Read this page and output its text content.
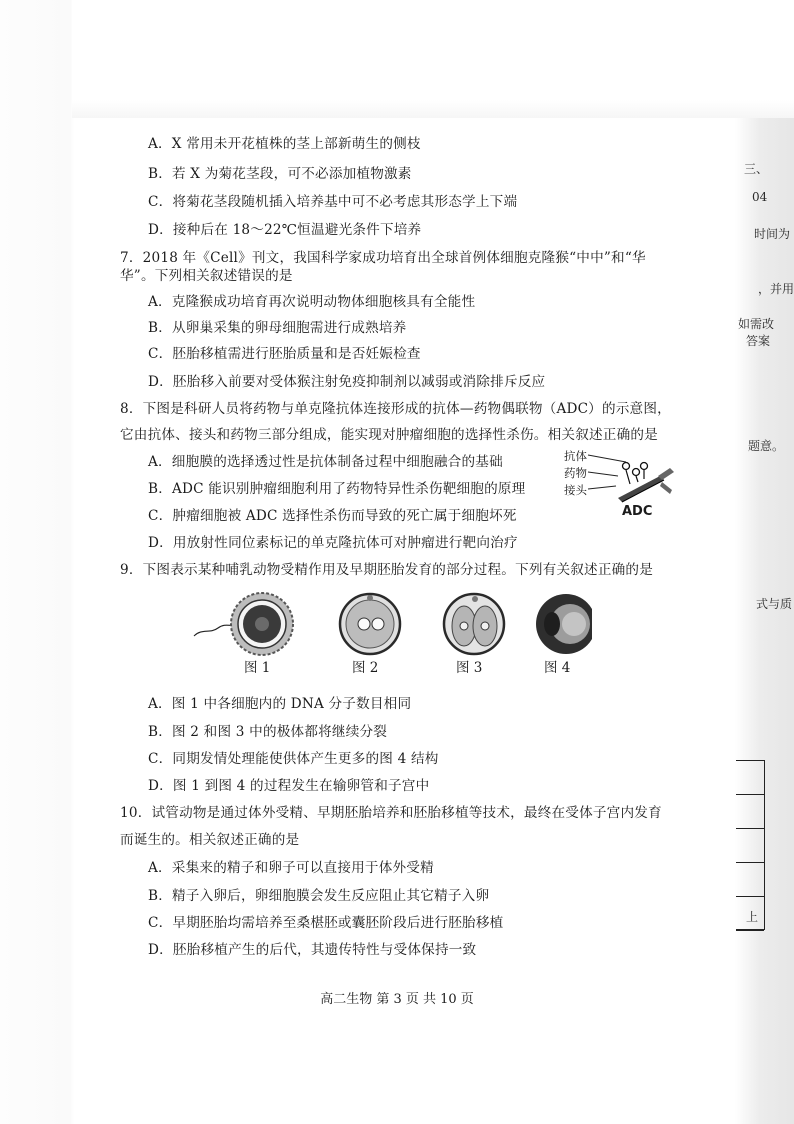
三、
04
时间为
，并用
如需改
答案
题意。
式与质
上
A．X 常用未开花植株的茎上部新萌生的侧枝
B．若 X 为菊花茎段，可不必添加植物激素
C．将菊花茎段随机插入培养基中可不必考虑其形态学上下端
D．接种后在 18～22℃恒温避光条件下培养
7．2018 年《Cell》刊文，我国科学家成功培育出全球首例体细胞克隆猴“中中”和“华
华”。下列相关叙述错误的是
A．克隆猴成功培育再次说明动物体细胞核具有全能性
B．从卵巢采集的卵母细胞需进行成熟培养
C．胚胎移植需进行胚胎质量和是否妊娠检查
D．胚胎移入前要对受体猴注射免疫抑制剂以减弱或消除排斥反应
8．下图是科研人员将药物与单克隆抗体连接形成的抗体—药物偶联物（ADC）的示意图，
它由抗体、接头和药物三部分组成，能实现对肿瘤细胞的选择性杀伤。相关叙述正确的是
A．细胞膜的选择透过性是抗体制备过程中细胞融合的基础
B．ADC 能识别肿瘤细胞利用了药物特异性杀伤靶细胞的原理
C．肿瘤细胞被 ADC 选择性杀伤而导致的死亡属于细胞坏死
D．用放射性同位素标记的单克隆抗体可对肿瘤进行靶向治疗
抗体
药物
接头
ADC
9．下图表示某种哺乳动物受精作用及早期胚胎发育的部分过程。下列有关叙述正确的是
图 1	图 2	图 3	图 4
A．图 1 中各细胞内的 DNA 分子数目相同
B．图 2 和图 3 中的极体都将继续分裂
C．同期发情处理能使供体产生更多的图 4 结构
D．图 1 到图 4 的过程发生在输卵管和子宫中
10．试管动物是通过体外受精、早期胚胎培养和胚胎移植等技术，最终在受体子宫内发育
而诞生的。相关叙述正确的是
A．采集来的精子和卵子可以直接用于体外受精
B．精子入卵后，卵细胞膜会发生反应阻止其它精子入卵
C．早期胚胎均需培养至桑椹胚或囊胚阶段后进行胚胎移植
D．胚胎移植产生的后代，其遗传特性与受体保持一致
高二生物 第 3 页 共 10 页
